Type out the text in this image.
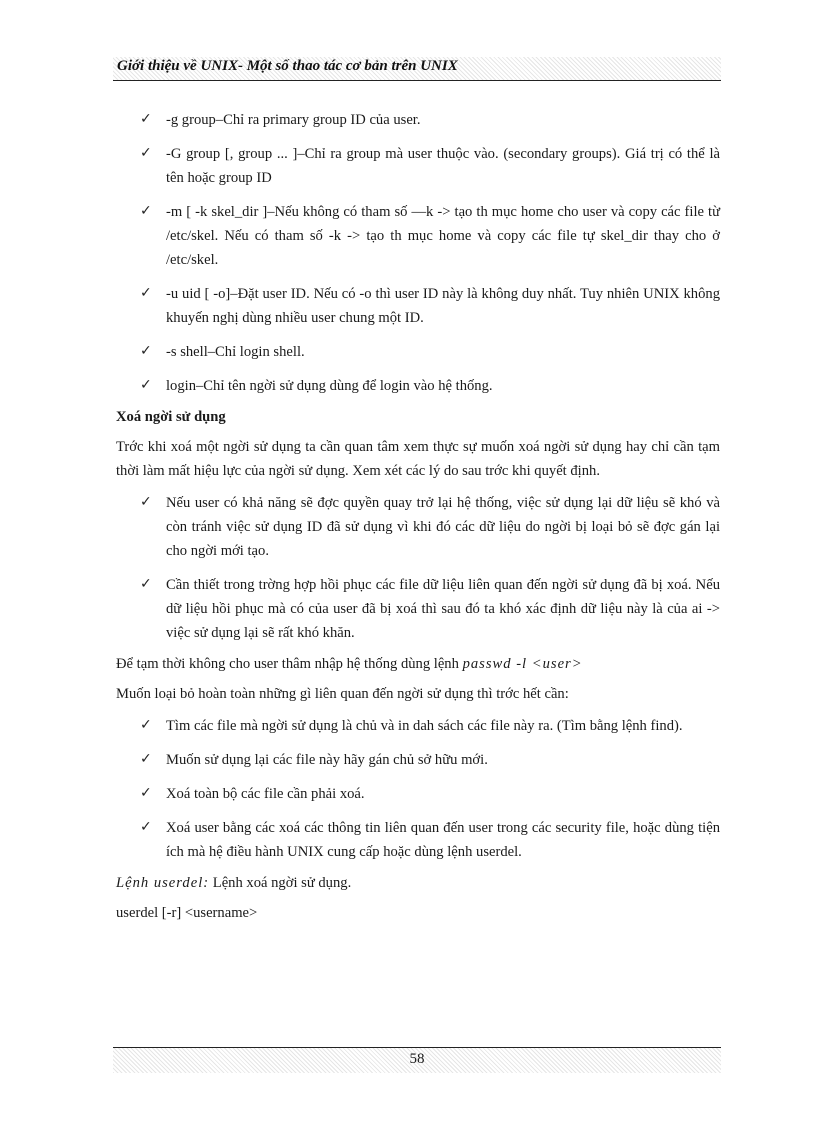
Giới thiệu về UNIX- Một số thao tác cơ bản trên UNIX
✓ -g group–Chỉ ra primary group ID của user.
✓ -G group [, group ... ]–Chỉ ra group mà user thuộc vào. (secondary groups). Giá trị có thể là tên hoặc group ID
✓ -m [ -k skel_dir ]–Nếu không có tham số —k -> tạo th mục home cho user và copy các file từ /etc/skel. Nếu có tham số -k -> tạo th mục home và copy các file tự skel_dir thay cho ở /etc/skel.
✓ -u uid [ -o]–Đặt user ID. Nếu có -o thì user ID này là không duy nhất. Tuy nhiên UNIX không khuyến nghị dùng nhiều user chung một ID.
✓ -s shell–Chỉ login shell.
✓ login–Chỉ tên ngời sử dụng dùng để login vào hệ thống.
Xoá ngời sử dụng
Trớc khi xoá một ngời sử dụng ta cần quan tâm xem thực sự muốn xoá ngời sử dụng hay chỉ cần tạm thời làm mất hiệu lực của ngời sử dụng. Xem xét các lý do sau trớc khi quyết định.
✓ Nếu user có khả năng sẽ đợc quyền quay trở lại hệ thống, việc sử dụng lại dữ liệu sẽ khó và còn tránh việc sử dụng ID đã sử dụng vì khi đó các dữ liệu do ngời bị loại bỏ sẽ đợc gán lại cho ngời mới tạo.
✓ Cần thiết trong trờng hợp hồi phục các file dữ liệu liên quan đến ngời sử dụng đã bị xoá. Nếu dữ liệu hồi phục mà có của user đã bị xoá thì sau đó ta khó xác định dữ liệu này là của ai -> việc sử dụng lại sẽ rất khó khăn.
Để tạm thời không cho user thâm nhập hệ thống dùng lệnh passwd -l <user>
Muốn loại bỏ hoàn toàn những gì liên quan đến ngời sử dụng thì trớc hết cần:
✓ Tìm các file mà ngời sử dụng là chủ và in dah sách các file này ra. (Tìm bằng lệnh find).
✓ Muốn sử dụng lại các file này hãy gán chủ sở hữu mới.
✓ Xoá toàn bộ các file cần phải xoá.
✓ Xoá user bằng các xoá các thông tin liên quan đến user trong các security file, hoặc dùng tiện ích mà hệ điều hành UNIX cung cấp hoặc dùng lệnh userdel.
Lệnh userdel: Lệnh xoá ngời sử dụng.
userdel [-r] <username>
58
